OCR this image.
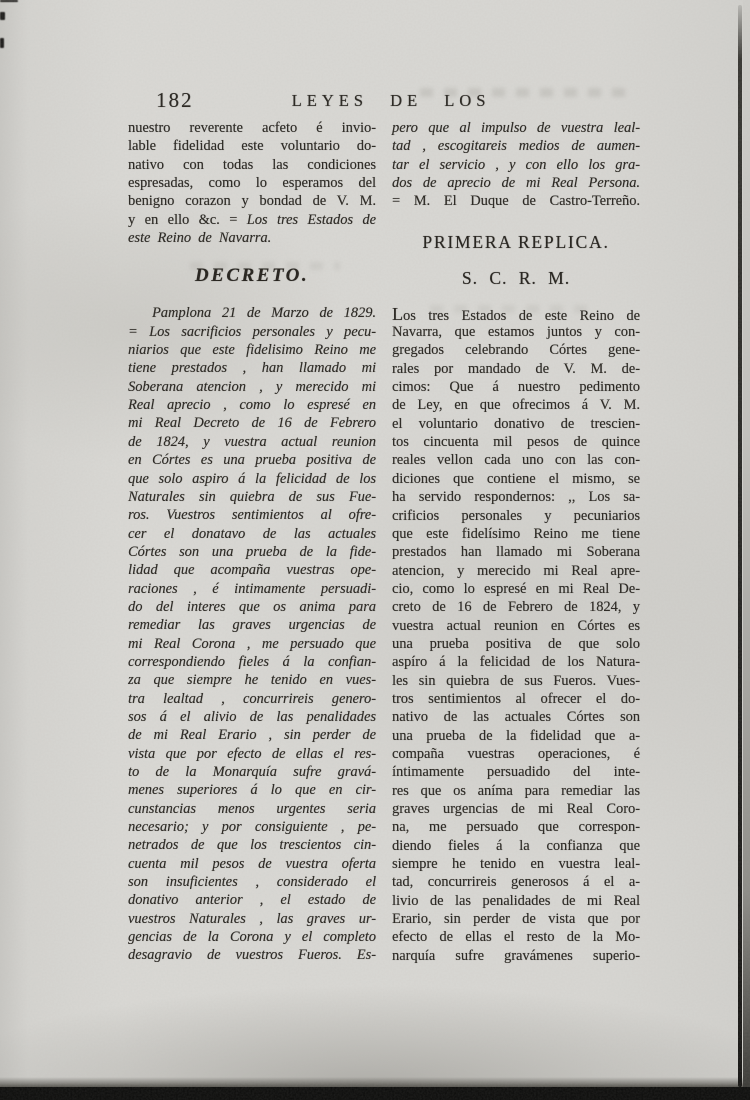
182	LEYES DE LOS
nuestro reverente acfeto é invio-
lable fidelidad este voluntario do-
nativo con todas las condiciones
espresadas, como lo esperamos del
benigno corazon y bondad de V. M.
y en ello &c. = Los tres Estados de
este Reino de Navarra.
DECRETO.
Pamplona 21 de Marzo de 1829.
= Los sacrificios personales y pecu-
niarios que este fidelisimo Reino me
tiene prestados , han llamado mi
Soberana atencion , y merecido mi
Real aprecio , como lo espresé en
mi Real Decreto de 16 de Febrero
de 1824, y vuestra actual reunion
en Córtes es una prueba positiva de
que solo aspiro á la felicidad de los
Naturales sin quiebra de sus Fue-
ros. Vuestros sentimientos al ofre-
cer el donatavo de las actuales
Córtes son una prueba de la fide-
lidad que acompaña vuestras ope-
raciones , é intimamente persuadi-
do del interes que os anima para
remediar las graves urgencias de
mi Real Corona , me persuado que
correspondiendo fieles á la confian-
za que siempre he tenido en vues-
tra lealtad , concurrireis genero-
sos á el alivio de las penalidades
de mi Real Erario , sin perder de
vista que por efecto de ellas el res-
to de la Monarquía sufre gravá-
menes superiores á lo que en cir-
cunstancias menos urgentes seria
necesario; y por consiguiente , pe-
netrados de que los trescientos cin-
cuenta mil pesos de vuestra oferta
son insuficientes , considerado el
donativo anterior , el estado de
vuestros Naturales , las graves ur-
gencias de la Corona y el completo
desagravio de vuestros Fueros. Es-
pero que al impulso de vuestra leal-
tad , escogitareis medios de aumen-
tar el servicio , y con ello los gra-
dos de aprecio de mi Real Persona.
= M. El Duque de Castro-Terreño.
PRIMERA REPLICA.
S. C. R. M.
Los tres Estados de este Reino de
Navarra, que estamos juntos y con-
gregados celebrando Córtes gene-
rales por mandado de V. M. de-
cimos: Que á nuestro pedimento
de Ley, en que ofrecimos á V. M.
el voluntario donativo de trescien-
tos cincuenta mil pesos de quince
reales vellon cada uno con las con-
diciones que contiene el mismo, se
ha servido respondernos: ,, Los sa-
crificios personales y pecuniarios
que este fidelísimo Reino me tiene
prestados han llamado mi Soberana
atencion, y merecido mi Real apre-
cio, como lo espresé en mi Real De-
creto de 16 de Febrero de 1824, y
vuestra actual reunion en Córtes es
una prueba positiva de que solo
aspíro á la felicidad de los Natura-
les sin quiebra de sus Fueros. Vues-
tros sentimientos al ofrecer el do-
nativo de las actuales Córtes son
una prueba de la fidelidad que a-
compaña vuestras operaciones, é
íntimamente persuadido del inte-
res que os aníma para remediar las
graves urgencias de mi Real Coro-
na, me persuado que correspon-
diendo fieles á la confianza que
siempre he tenido en vuestra leal-
tad, concurrireis generosos á el a-
livio de las penalidades de mi Real
Erario, sin perder de vista que por
efecto de ellas el resto de la Mo-
narquía sufre gravámenes superio-
